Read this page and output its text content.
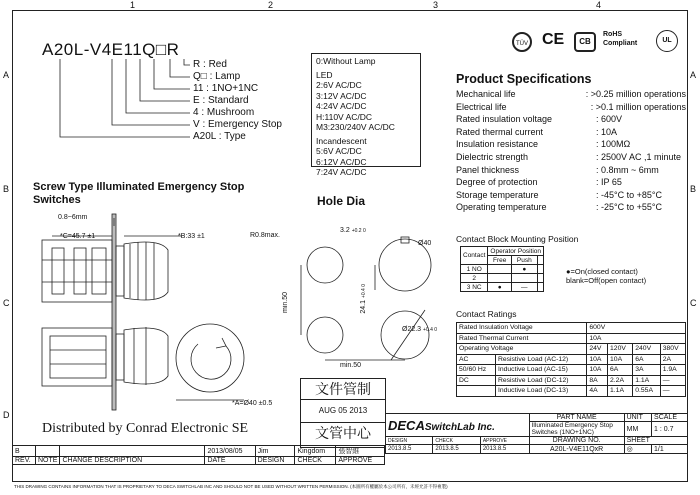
1	2	3	4
A
B
C
D
A
B
C
TÜV CE	CB
RoHS Compliant	UL
A20L-V4E11Q□R
R : Red
Q□ : Lamp
11 : 1NO+1NC
E : Standard
4 : Mushroom
V : Emergency Stop
A20L : Type
0:Without Lamp
LED
2:6V AC/DC
3:12V AC/DC
4:24V AC/DC
H:110V AC/DC
M3:230/240V AC/DC
Incandescent
5:6V AC/DC
6:12V AC/DC
7:24V AC/DC
Product Specifications
Mechanical life	: >0.25 million operations
Electrical life	: >0.1 million operations
Rated insulation voltage	: 600V
Rated thermal current	: 10A
Insulation resistance	: 100MΩ
Dielectric strength	: 2500V AC ,1 minute
Panel thickness	: 0.8mm ~ 6mm
Degree of protection	: IP 65
Storage temperature	: -45°C to +85°C
Operating temperature	: -25°C to +55°C
Screw Type Illuminated Emergency Stop Switches
0.8~6mm
*C=45.7 ±1	*B:33 ±1
*A=Ø40 ±0.5
Hole Dia
R0.8max.
3.2 +0.2 0
Ø40
min.50	24.1 +0.4 0
Ø22.3 +0.4 0
min.50
Contact Block Mounting Position
Contact	Operator Position		
	Free	Push	
1 NO		●	
2			
3 NC	●	—	
●=On(closed contact)
blank=Off(open contact)
Contact Ratings
Rated Insulation Voltage		600V			
Rated Thermal Current		10A			
Operating Voltage		24V	120V	240V	380V
AC	Resistive Load (AC-12)	10A	10A	6A	2A
50/60 Hz	Inductive Load (AC-15)	10A	6A	3A	1.9A
DC	Resistive Load (DC-12)	8A	2.2A	1.1A	—
	Inductive Load (DC-13)	4A	1.1A	0.55A	—
文件管制
AUG 05 2013
文管中心
Distributed by Conrad Electronic SE	DECASwitchLab Inc.			PART NAME	UNIT	SCALE
			Illuminated Emergency Stop Switches (1NO+1NC)	MM	1 : 0.7
DESIGN	CHECK	APPROVE	DRAWING NO.	SHEET	
2013.8.5	2013.8.5	2013.8.5	A20L-V4E11QxR	◎	1/1
B			2013/08/05	Jim	Kingdom	張智維
REV.	NOTE	CHANGE DESCRIPTION	DATE	DESIGN	CHECK	APPROVE
THIS DRAWING CONTAINS INFORMATION THAT IS PROPRIETARY TO DECA SWITCHLAB INC AND SHOULD NOT BE USED WITHOUT WRITTEN PERMISSION. (本圖所有權屬於本公司所有，未經允許不得複製)
